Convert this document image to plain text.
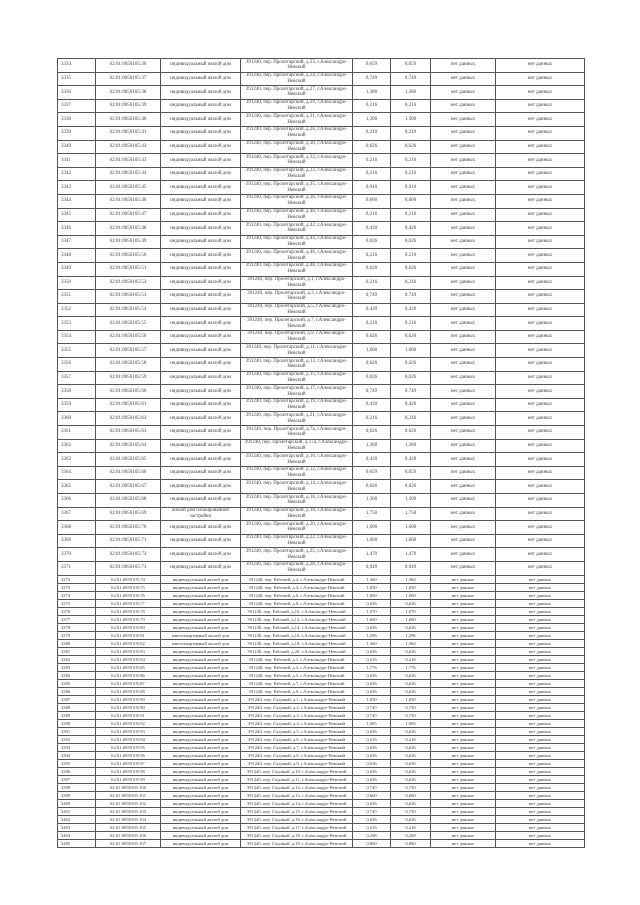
3334	62:01:0050105:36	индивидуальный жилой дом	391240, пер. Пролетарский, д.23, г.Александро-Невский	0,659	0,659	нет данных	нет данных
3335	62:01:0050105:37	индивидуальный жилой дом	391240, пер. Пролетарский, д.24, г.Александро-Невский	0,749	0,749	нет данных	нет данных
3336	62:01:0050105:38	индивидуальный жилой дом	391240, пер. Пролетарский, д.27, г.Александро-Невский	1,386	1,386	нет данных	нет данных
3337	62:01:0050105:39	индивидуальный жилой дом	391240, пер. Пролетарский, д.29, г.Александро-Невский	0,216	0,216	нет данных	нет данных
3338	62:01:0050105:40	индивидуальный жилой дом	391240, пер. Пролетарский, д.31, г.Александро-Невский	1,300	1,300	нет данных	нет данных
3339	62:01:0050105:41	индивидуальный жилой дом	391240, пер. Пролетарский, д.26, г.Александро-Невский	0,210	0,210	нет данных	нет данных
3340	62:01:0050105:42	индивидуальный жилой дом	391240, пер. Пролетарский, д.30, г.Александро-Невский	0,626	0,626	нет данных	нет данных
3341	62:01:0050105:43	индивидуальный жилой дом	391240, пер. Пролетарский, д.32, г.Александро-Невский	0,216	0,216	нет данных	нет данных
3342	62:01:0050105:44	индивидуальный жилой дом	391240, пер. Пролетарский, д.33, г.Александро-Невский	0,216	0,216	нет данных	нет данных
3343	62:01:0050105:45	индивидуальный жилой дом	391240, пер. Пролетарский, д.35, г.Александро-Невский	0,916	0,916	нет данных	нет данных
3344	62:01:0050105:46	индивидуальный жилой дом	391240, пер. Пролетарский, д.36, г.Александро-Невский	0,660	0,660	нет данных	нет данных
3345	62:01:0050105:47	индивидуальный жилой дом	391240, пер. Пролетарский, д.40, г.Александро-Невский	0,216	0,216	нет данных	нет данных
3346	62:01:0050105:48	индивидуальный жилой дом	391240, пер. Пролетарский, д.42, г.Александро-Невский	0,420	0,420	нет данных	нет данных
3347	62:01:0050105:49	индивидуальный жилой дом	391240, пер. Пролетарский, д.44, г.Александро-Невский	0,626	0,626	нет данных	нет данных
3348	62:01:0050105:50	индивидуальный жилой дом	391240, пер. Пролетарский, д.46, г.Александро-Невский	0,216	0,216	нет данных	нет данных
3349	62:01:0050105:51	индивидуальный жилой дом	391240, пер. Пролетарский, д.48, г.Александро-Невский	0,626	0,626	нет данных	нет данных
3350	62:01:0050105:52	индивидуальный жилой дом	391240, пер. Пролетарский, д.1, г.Александро-Невский	0,216	0,216	нет данных	нет данных
3351	62:01:0050105:53	индивидуальный жилой дом	391240, пер. Пролетарский, д.3, г.Александро-Невский	0,749	0,749	нет данных	нет данных
3352	62:01:0050105:54	индивидуальный жилой дом	391240, пер. Пролетарский, д.5, г.Александро-Невский	0,420	0,420	нет данных	нет данных
3353	62:01:0050105:55	индивидуальный жилой дом	391240, пер. Пролетарский, д.7, г.Александро-Невский	0,216	0,216	нет данных	нет данных
3354	62:01:0050105:56	индивидуальный жилой дом	391240, пер. Пролетарский, д.9, г.Александро-Невский	0,626	0,626	нет данных	нет данных
3355	62:01:0050105:57	индивидуальный жилой дом	391240, пер. Пролетарский, д.11, г.Александро-Невский	1,660	1,660	нет данных	нет данных
3356	62:01:0050105:58	индивидуальный жилой дом	391240, пер. Пролетарский, д.13, г.Александро-Невский	0,626	0,626	нет данных	нет данных
3357	62:01:0050105:59	индивидуальный жилой дом	391240, пер. Пролетарский, д.15, г.Александро-Невский	0,626	0,626	нет данных	нет данных
3358	62:01:0050105:60	индивидуальный жилой дом	391240, пер. Пролетарский, д.17, г.Александро-Невский	0,749	0,749	нет данных	нет данных
3359	62:01:0050105:61	индивидуальный жилой дом	391240, пер. Пролетарский, д.19, г.Александро-Невский	0,420	0,420	нет данных	нет данных
3360	62:01:0050105:62	индивидуальный жилой дом	391240, пер. Пролетарский, д.21, г.Александро-Невский	0,216	0,216	нет данных	нет данных
3361	62:01:0050105:63	индивидуальный жилой дом	391240, пер. Пролетарский, д.7а, г.Александро-Невский	0,626	0,626	нет данных	нет данных
3362	62:01:0050105:64	индивидуальный жилой дом	391240, пер. Пролетарский, д.17а, г.Александро-Невский	1,360	1,360	нет данных	нет данных
3363	62:01:0050105:65	индивидуальный жилой дом	391240, пер. Пролетарский, д.10, г.Александро-Невский	0,420	0,420	нет данных	нет данных
3364	62:01:0050105:66	индивидуальный жилой дом	391240, пер. Пролетарский, д.12, г.Александро-Невский	0,659	0,659	нет данных	нет данных
3365	62:01:0050105:67	индивидуальный жилой дом	391240, пер. Пролетарский, д.14, г.Александро-Невский	0,626	0,626	нет данных	нет данных
3366	62:01:0050105:68	индивидуальный жилой дом	391240, пер. Пролетарский, д.16, г.Александро-Невский	1,300	1,300	нет данных	нет данных
3367	62:01:0050105:69	жилой дом блокированной застройки	391240, пер. Пролетарский, д.18, г.Александро-Невский	1,750	1,750	нет данных	нет данных
3368	62:01:0050105:70	индивидуальный жилой дом	391240, пер. Пролетарский, д.20, г.Александро-Невский	1,600	1,600	нет данных	нет данных
3369	62:01:0050105:71	индивидуальный жилой дом	391240, пер. Пролетарский, д.22, г.Александро-Невский	1,660	1,660	нет данных	нет данных
3370	62:01:0050105:72	индивидуальный жилой дом	391240, пер. Пролетарский, д.25, г.Александро-Невский	1,470	1,470	нет данных	нет данных
3371	62:01:0050105:73	индивидуальный жилой дом	391240, пер. Пролетарский, д.28, г.Александро-Невский	0,949	0,949	нет данных	нет данных
3372	62:01:0050105:74	индивидуальный жилой дом	391240, пер. Рабочий, д.2, г.Александро-Невский	1,360	1,360	нет данных	нет данных
3373	62:01:0050105:75	индивидуальный жилой дом	391240, пер. Рабочий, д.4, г.Александро-Невский	1,050	1,050	нет данных	нет данных
3374	62:01:0050105:76	индивидуальный жилой дом	391240, пер. Рабочий, д.6, г.Александро-Невский	1,000	1,000	нет данных	нет данных
3375	62:01:0050105:77	индивидуальный жилой дом	391240, пер. Рабочий, д.8, г.Александро-Невский	0,626	0,626	нет данных	нет данных
3376	62:01:0050105:78	индивидуальный жилой дом	391240, пер. Рабочий, д.10, г.Александро-Невский	1,070	1,070	нет данных	нет данных
3377	62:01:0050105:79	индивидуальный жилой дом	391240, пер. Рабочий, д.12, г.Александро-Невский	1,660	1,660	нет данных	нет данных
3378	62:01:0050105:80	индивидуальный жилой дом	391240, пер. Рабочий, д.14, г.Александро-Невский	0,626	0,626	нет данных	нет данных
3379	62:01:0050105:81	многоквартирный жилой дом	391240, пер. Рабочий, д.16, г.Александро-Невский	1,296	1,296	нет данных	нет данных
3380	62:01:0050105:82	многоквартирный жилой дом	391240, пер. Рабочий, д.18, г.Александро-Невский	1,360	1,360	нет данных	нет данных
3381	62:01:0050105:83	индивидуальный жилой дом	391240, пер. Рабочий, д.20, г.Александро-Невский	0,626	0,626	нет данных	нет данных
3382	62:01:0050105:84	индивидуальный жилой дом	391240, пер. Рабочий, д.1, г.Александро-Невский	0,216	0,216	нет данных	нет данных
3383	62:01:0050105:85	индивидуальный жилой дом	391240, пер. Рабочий, д.3, г.Александро-Невский	1,776	1,776	нет данных	нет данных
3384	62:01:0050105:86	индивидуальный жилой дом	391240, пер. Рабочий, д.5, г.Александро-Невский	0,626	0,626	нет данных	нет данных
3385	62:01:0050105:87	индивидуальный жилой дом	391240, пер. Рабочий, д.7, г.Александро-Невский	0,626	0,626	нет данных	нет данных
3386	62:01:0050105:88	индивидуальный жилой дом	391240, пер. Рабочий, д.9, г.Александро-Невский	0,626	0,626	нет данных	нет данных
3387	62:01:0050105:89	индивидуальный жилой дом	391240, пер. Садовый, д.1, г.Александро-Невский	1,050	1,050	нет данных	нет данных
3388	62:01:0050105:90	индивидуальный жилой дом	391240, пер. Садовый, д.2, г.Александро-Невский	0,749	0,749	нет данных	нет данных
3389	62:01:0050105:91	индивидуальный жилой дом	391240, пер. Садовый, д.3, г.Александро-Невский	0,749	0,749	нет данных	нет данных
3390	62:01:0050105:92	индивидуальный жилой дом	391240, пер. Садовый, д.4, г.Александро-Невский	1,085	1,085	нет данных	нет данных
3391	62:01:0050105:93	индивидуальный жилой дом	391240, пер. Садовый, д.5, г.Александро-Невский	0,626	0,626	нет данных	нет данных
3392	62:01:0050105:94	индивидуальный жилой дом	391240, пер. Садовый, д.6, г.Александро-Невский	0,216	0,216	нет данных	нет данных
3393	62:01:0050105:95	индивидуальный жилой дом	391240, пер. Садовый, д.7, г.Александро-Невский	0,626	0,626	нет данных	нет данных
3394	62:01:0050105:96	индивидуальный жилой дом	391240, пер. Садовый, д.8, г.Александро-Невский	0,626	0,626	нет данных	нет данных
3395	62:01:0050105:97	индивидуальный жилой дом	391240, пер. Садовый, д.9, г.Александро-Невский	0,636	0,636	нет данных	нет данных
3396	62:01:0050105:98	индивидуальный жилой дом	391240, пер. Садовый, д.10, г.Александро-Невский	0,626	0,626	нет данных	нет данных
3397	62:01:0050105:99	индивидуальный жилой дом	391240, пер. Садовый, д.11, г.Александро-Невский	0,626	0,626	нет данных	нет данных
3398	62:01:0050105:100	индивидуальный жилой дом	391240, пер. Садовый, д.12, г.Александро-Невский	0,749	0,749	нет данных	нет данных
3399	62:01:0050105:101	индивидуальный жилой дом	391240, пер. Садовый, д.13, г.Александро-Невский	0,660	0,660	нет данных	нет данных
3400	62:01:0050105:102	индивидуальный жилой дом	391240, пер. Садовый, д.14, г.Александро-Невский	0,626	0,626	нет данных	нет данных
3401	62:01:0050105:103	индивидуальный жилой дом	391240, пер. Садовый, д.15, г.Александро-Невский	0,749	0,749	нет данных	нет данных
3402	62:01:0050105:104	индивидуальный жилой дом	391240, пер. Садовый, д.16, г.Александро-Невский	0,626	0,626	нет данных	нет данных
3403	62:01:0050105:105	индивидуальный жилой дом	391240, пер. Садовый, д.17, г.Александро-Невский	0,216	0,216	нет данных	нет данных
3404	62:01:0050105:106	индивидуальный жилой дом	391240, пер. Садовый, д.18, г.Александро-Невский	0,208	0,208	нет данных	нет данных
3405	62:01:0050105:107	индивидуальный жилой дом	391240, пер. Садовый, д.19, г.Александро-Невский	0,860	0,860	нет данных	нет данных
